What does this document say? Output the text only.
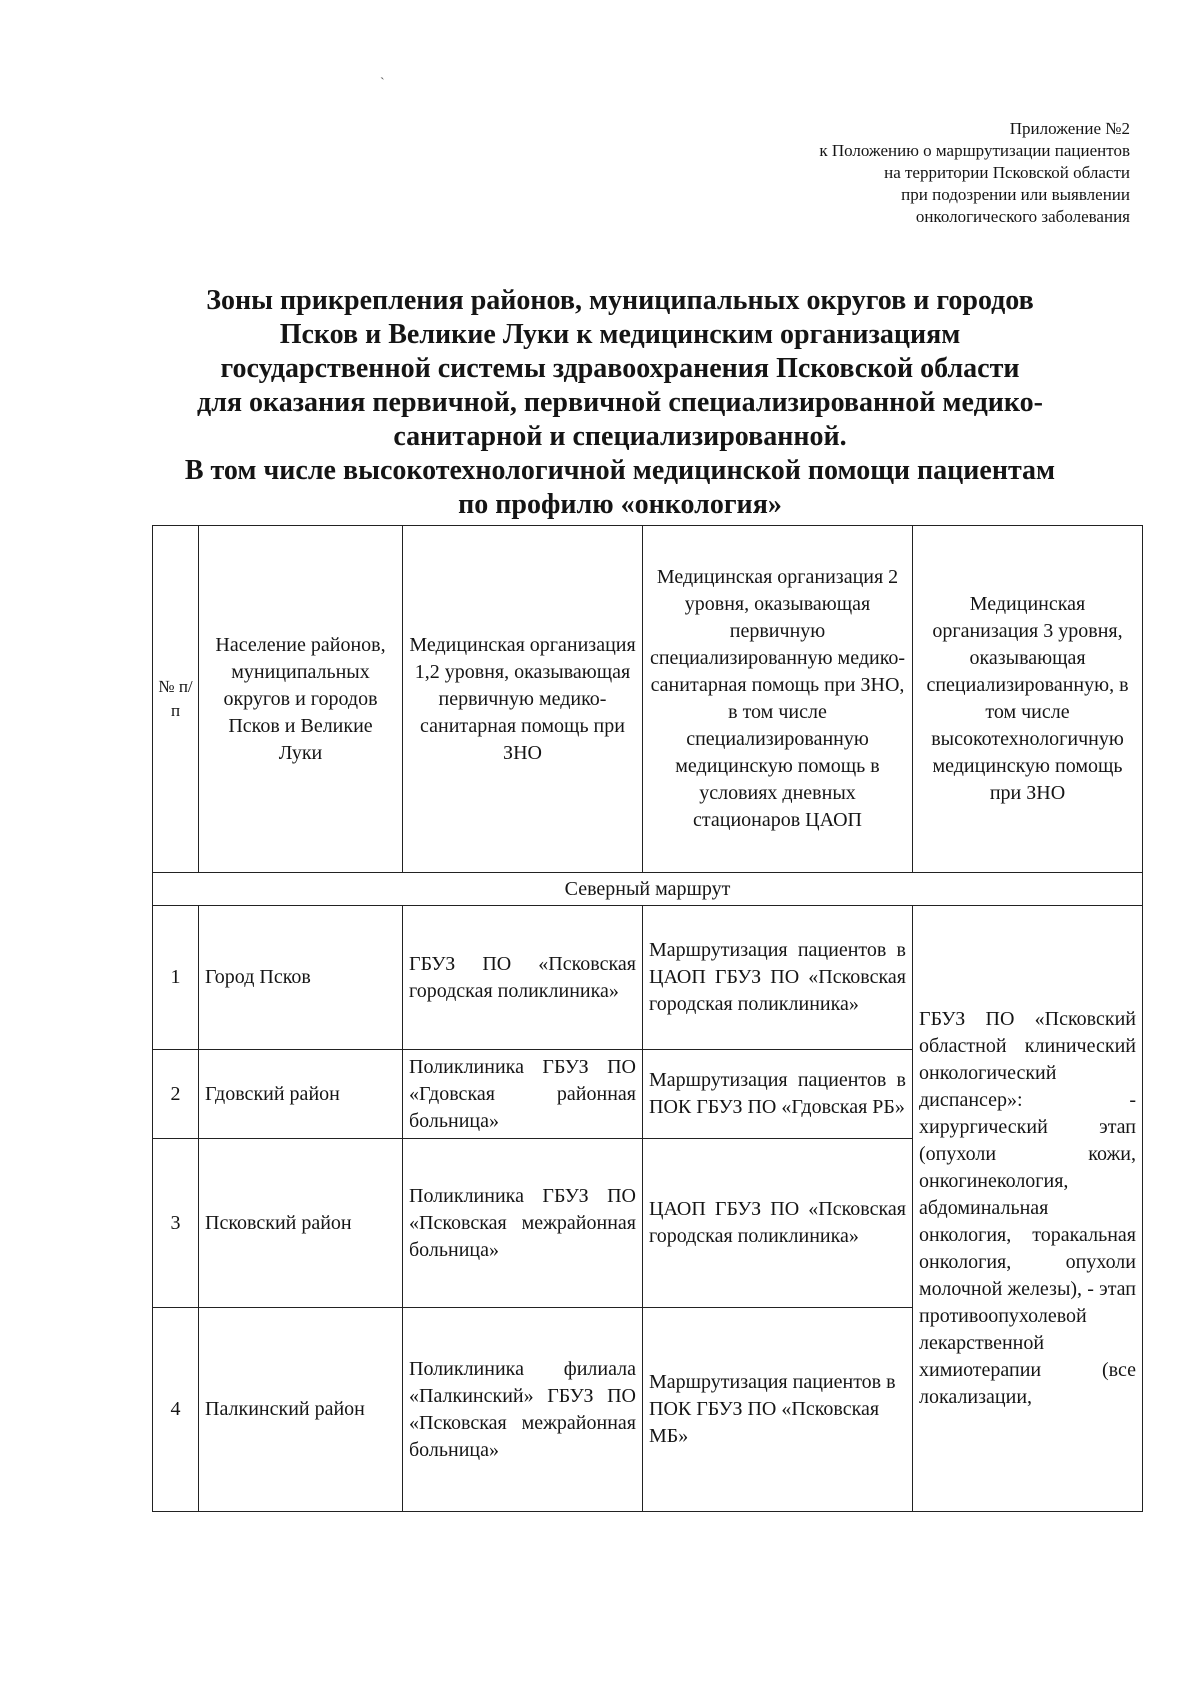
ˋ
Приложение №2
к Положению о маршрутизации пациентов
на территории Псковской области
при подозрении или выявлении
онкологического заболевания
Зоны прикрепления районов, муниципальных округов и городов
Псков и Великие Луки к медицинским организациям
государственной системы здравоохранения Псковской области
для оказания первичной, первичной специализированной медико-
санитарной и специализированной.
В том числе высокотехнологичной медицинской помощи пациентам
по профилю «онкология»
№ п/ п	Население районов, муниципальных округов и городов Псков и Великие Луки	Медицинская организация 1,2 уровня, оказывающая первичную медико-санитарная помощь при ЗНО	Медицинская организация 2 уровня, оказывающая первичную специализированную медико-санитарная помощь при ЗНО, в том числе специализированную медицинскую помощь в условиях дневных стационаров ЦАОП	Медицинская организация 3 уровня, оказывающая специализированную, в том числе высокотехнологичную медицинскую помощь при ЗНО
Северный маршрут				
1	Город Псков	ГБУЗ ПО «Псковская городская поликлиника»	Маршрутизация пациентов в ЦАОП ГБУЗ ПО «Псковская городская поликлиника»	ГБУЗ ПО «Псковский областной клинический онкологический диспансер»: - хирургический этап (опухоли кожи, онкогинекология, абдоминальная онкология, торакальная онкология, опухоли молочной железы), - этап противоопухолевой лекарственной химиотерапии (все локализации,
2	Гдовский район	Поликлиника ГБУЗ ПО «Гдовская районная больница»	Маршрутизация пациентов в ПОК ГБУЗ ПО «Гдовская РБ»	
3	Псковский район	Поликлиника ГБУЗ ПО «Псковская межрайонная больница»	ЦАОП ГБУЗ ПО «Псковская городская поликлиника»	
4	Палкинский район	Поликлиника филиала «Палкинский» ГБУЗ ПО «Псковская межрайонная больница»	Маршрутизация пациентов в ПОК ГБУЗ ПО «Псковская МБ»	
